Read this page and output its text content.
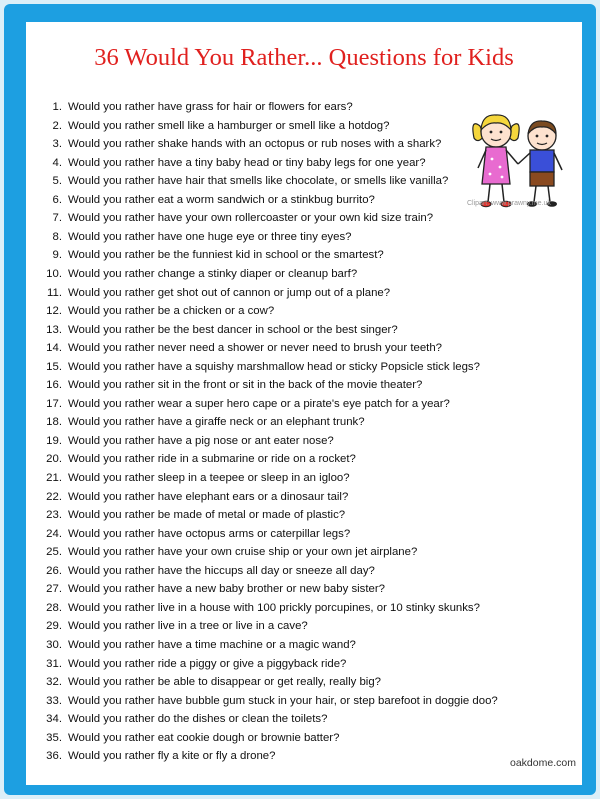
36 Would You Rather... Questions for Kids
Clipart: www.prawny.me.uk
1. Would you rather have grass for hair or flowers for ears?
2. Would you rather smell like a hamburger or smell like a hotdog?
3. Would you rather shake hands with an octopus or rub noses with a shark?
4. Would you rather have a tiny baby head or tiny baby legs for one year?
5. Would you rather have hair that smells like chocolate, or smells like vanilla?
6. Would you rather eat a worm sandwich or a stinkbug burrito?
7. Would you rather have your own rollercoaster or your own kid size train?
8. Would you rather have one huge eye or three tiny eyes?
9. Would you rather be the funniest kid in school or the smartest?
10. Would you rather change a stinky diaper or cleanup barf?
11. Would you rather get shot out of cannon or jump out of a plane?
12. Would you rather be a chicken or a cow?
13. Would you rather be the best dancer in school or the best singer?
14. Would you rather never need a shower or never need to brush your teeth?
15. Would you rather have a squishy marshmallow head or sticky Popsicle stick legs?
16. Would you rather sit in the front or sit in the back of the movie theater?
17. Would you rather wear a super hero cape or a pirate's eye patch for a year?
18. Would you rather have a giraffe neck or an elephant trunk?
19. Would you rather have a pig nose or ant eater nose?
20. Would you rather ride in a submarine or ride on a rocket?
21. Would you rather sleep in a teepee or sleep in an igloo?
22. Would you rather have elephant ears or a dinosaur tail?
23. Would you rather be made of metal or made of plastic?
24. Would you rather have octopus arms or caterpillar legs?
25. Would you rather have your own cruise ship or your own jet airplane?
26. Would you rather have the hiccups all day or sneeze all day?
27. Would you rather have a new baby brother or new baby sister?
28. Would you rather live in a house with 100 prickly porcupines, or 10 stinky skunks?
29. Would you rather live in a tree or live in a cave?
30. Would you rather have a time machine or a magic wand?
31. Would you rather ride a piggy or give a piggyback ride?
32. Would you rather be able to disappear or get really, really big?
33. Would you rather have bubble gum stuck in your hair, or step barefoot in doggie doo?
34. Would you rather do the dishes or clean the toilets?
35. Would you rather eat cookie dough or brownie batter?
36. Would you rather fly a kite or fly a drone?
oakdome.com
